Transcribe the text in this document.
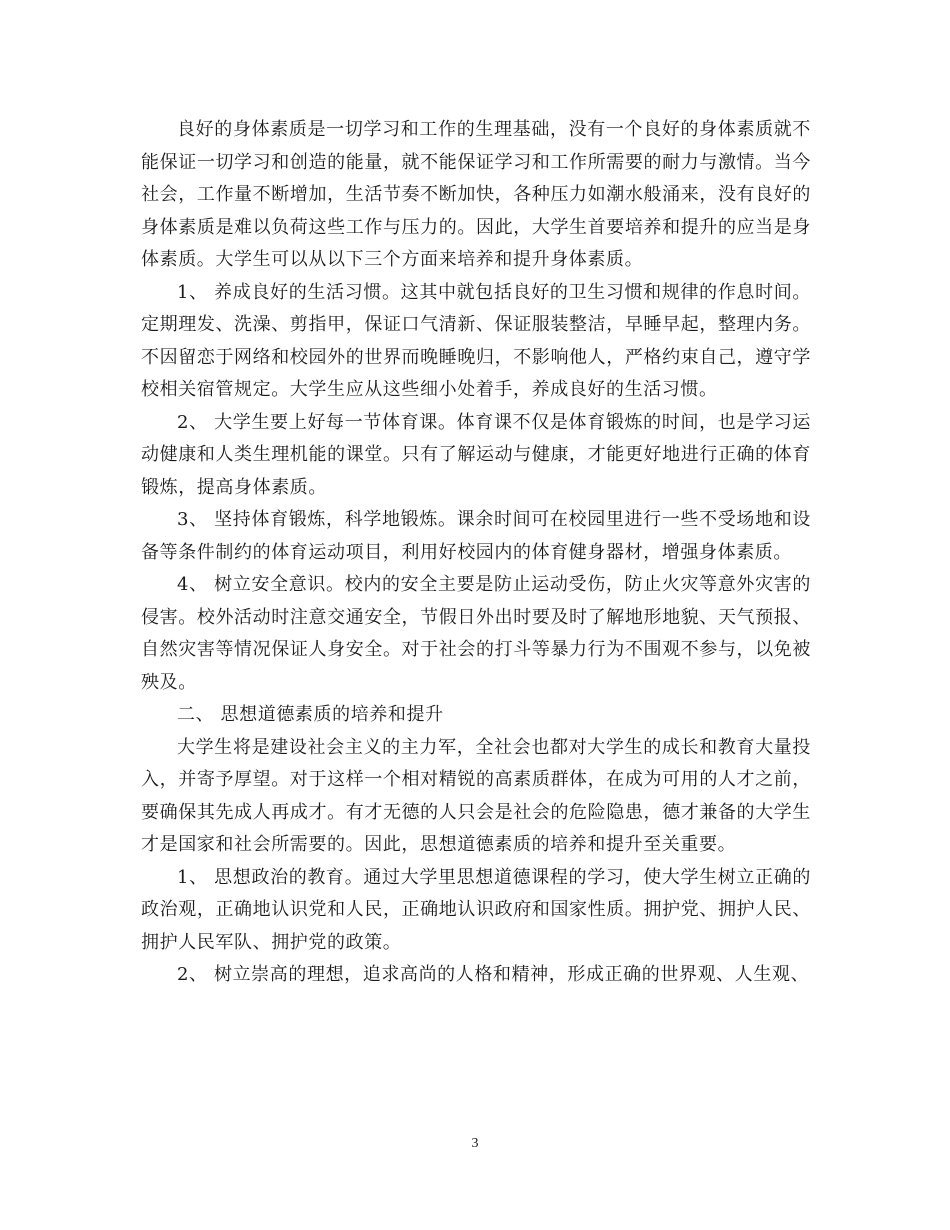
良好的身体素质是一切学习和工作的生理基础，没有一个良好的身体素质就不能保证一切学习和创造的能量，就不能保证学习和工作所需要的耐力与激情。当今社会，工作量不断增加，生活节奏不断加快，各种压力如潮水般涌来，没有良好的身体素质是难以负荷这些工作与压力的。因此，大学生首要培养和提升的应当是身体素质。大学生可以从以下三个方面来培养和提升身体素质。

1、 养成良好的生活习惯。这其中就包括良好的卫生习惯和规律的作息时间。定期理发、洗澡、剪指甲，保证口气清新、保证服装整洁，早睡早起，整理内务。不因留恋于网络和校园外的世界而晚睡晚归，不影响他人，严格约束自己，遵守学校相关宿管规定。大学生应从这些细小处着手，养成良好的生活习惯。

2、 大学生要上好每一节体育课。体育课不仅是体育锻炼的时间，也是学习运动健康和人类生理机能的课堂。只有了解运动与健康，才能更好地进行正确的体育锻炼，提高身体素质。

3、 坚持体育锻炼，科学地锻炼。课余时间可在校园里进行一些不受场地和设备等条件制约的体育运动项目，利用好校园内的体育健身器材，增强身体素质。

4、 树立安全意识。校内的安全主要是防止运动受伤，防止火灾等意外灾害的侵害。校外活动时注意交通安全，节假日外出时要及时了解地形地貌、天气预报、自然灾害等情况保证人身安全。对于社会的打斗等暴力行为不围观不参与，以免被殃及。

二、 思想道德素质的培养和提升

大学生将是建设社会主义的主力军，全社会也都对大学生的成长和教育大量投入，并寄予厚望。对于这样一个相对精锐的高素质群体，在成为可用的人才之前，要确保其先成人再成才。有才无德的人只会是社会的危险隐患，德才兼备的大学生才是国家和社会所需要的。因此，思想道德素质的培养和提升至关重要。

1、 思想政治的教育。通过大学里思想道德课程的学习，使大学生树立正确的政治观，正确地认识党和人民，正确地认识政府和国家性质。拥护党、拥护人民、拥护人民军队、拥护党的政策。

2、 树立崇高的理想，追求高尚的人格和精神，形成正确的世界观、人生观、

3
